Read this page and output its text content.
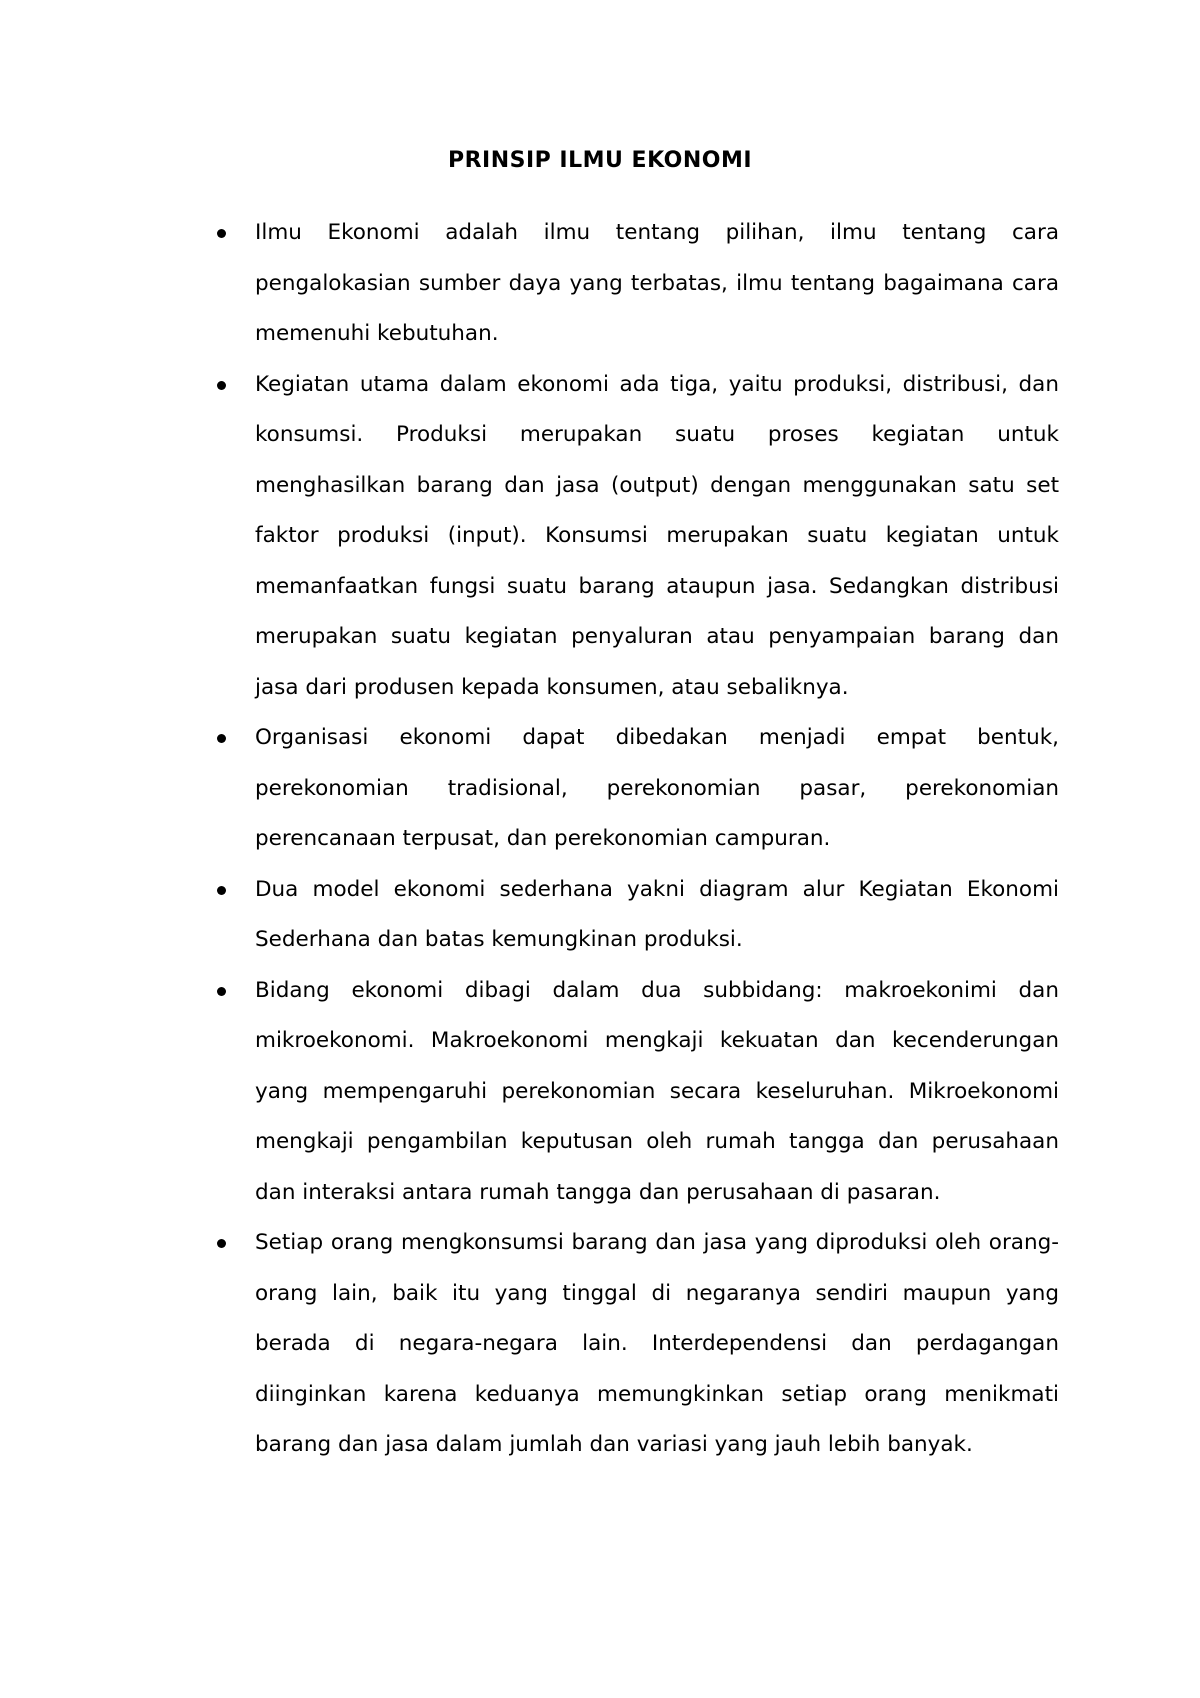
PRINSIP ILMU EKONOMI
Ilmu Ekonomi adalah ilmu tentang pilihan, ilmu tentang cara pengalokasian sumber daya yang terbatas, ilmu tentang bagaimana cara memenuhi kebutuhan.
Kegiatan utama dalam ekonomi ada tiga, yaitu produksi, distribusi, dan konsumsi. Produksi merupakan suatu proses kegiatan untuk menghasilkan barang dan jasa (output) dengan menggunakan satu set faktor produksi (input). Konsumsi merupakan suatu kegiatan untuk memanfaatkan fungsi suatu barang ataupun jasa. Sedangkan distribusi merupakan suatu kegiatan penyaluran atau penyampaian barang dan jasa dari produsen kepada konsumen, atau sebaliknya.
Organisasi ekonomi dapat dibedakan menjadi empat bentuk, perekonomian tradisional, perekonomian pasar, perekonomian perencanaan terpusat, dan perekonomian campuran.
Dua model ekonomi sederhana yakni diagram alur Kegiatan Ekonomi Sederhana dan batas kemungkinan produksi.
Bidang ekonomi dibagi dalam dua subbidang: makroekonimi dan mikroekonomi. Makroekonomi mengkaji kekuatan dan kecenderungan yang mempengaruhi perekonomian secara keseluruhan. Mikroekonomi mengkaji pengambilan keputusan oleh rumah tangga dan perusahaan dan interaksi antara rumah tangga dan perusahaan di pasaran.
Setiap orang mengkonsumsi barang dan jasa yang diproduksi oleh orang-orang lain, baik itu yang tinggal di negaranya sendiri maupun yang berada di negara-negara lain. Interdependensi dan perdagangan diinginkan karena keduanya memungkinkan setiap orang menikmati barang dan jasa dalam jumlah dan variasi yang jauh lebih banyak.
